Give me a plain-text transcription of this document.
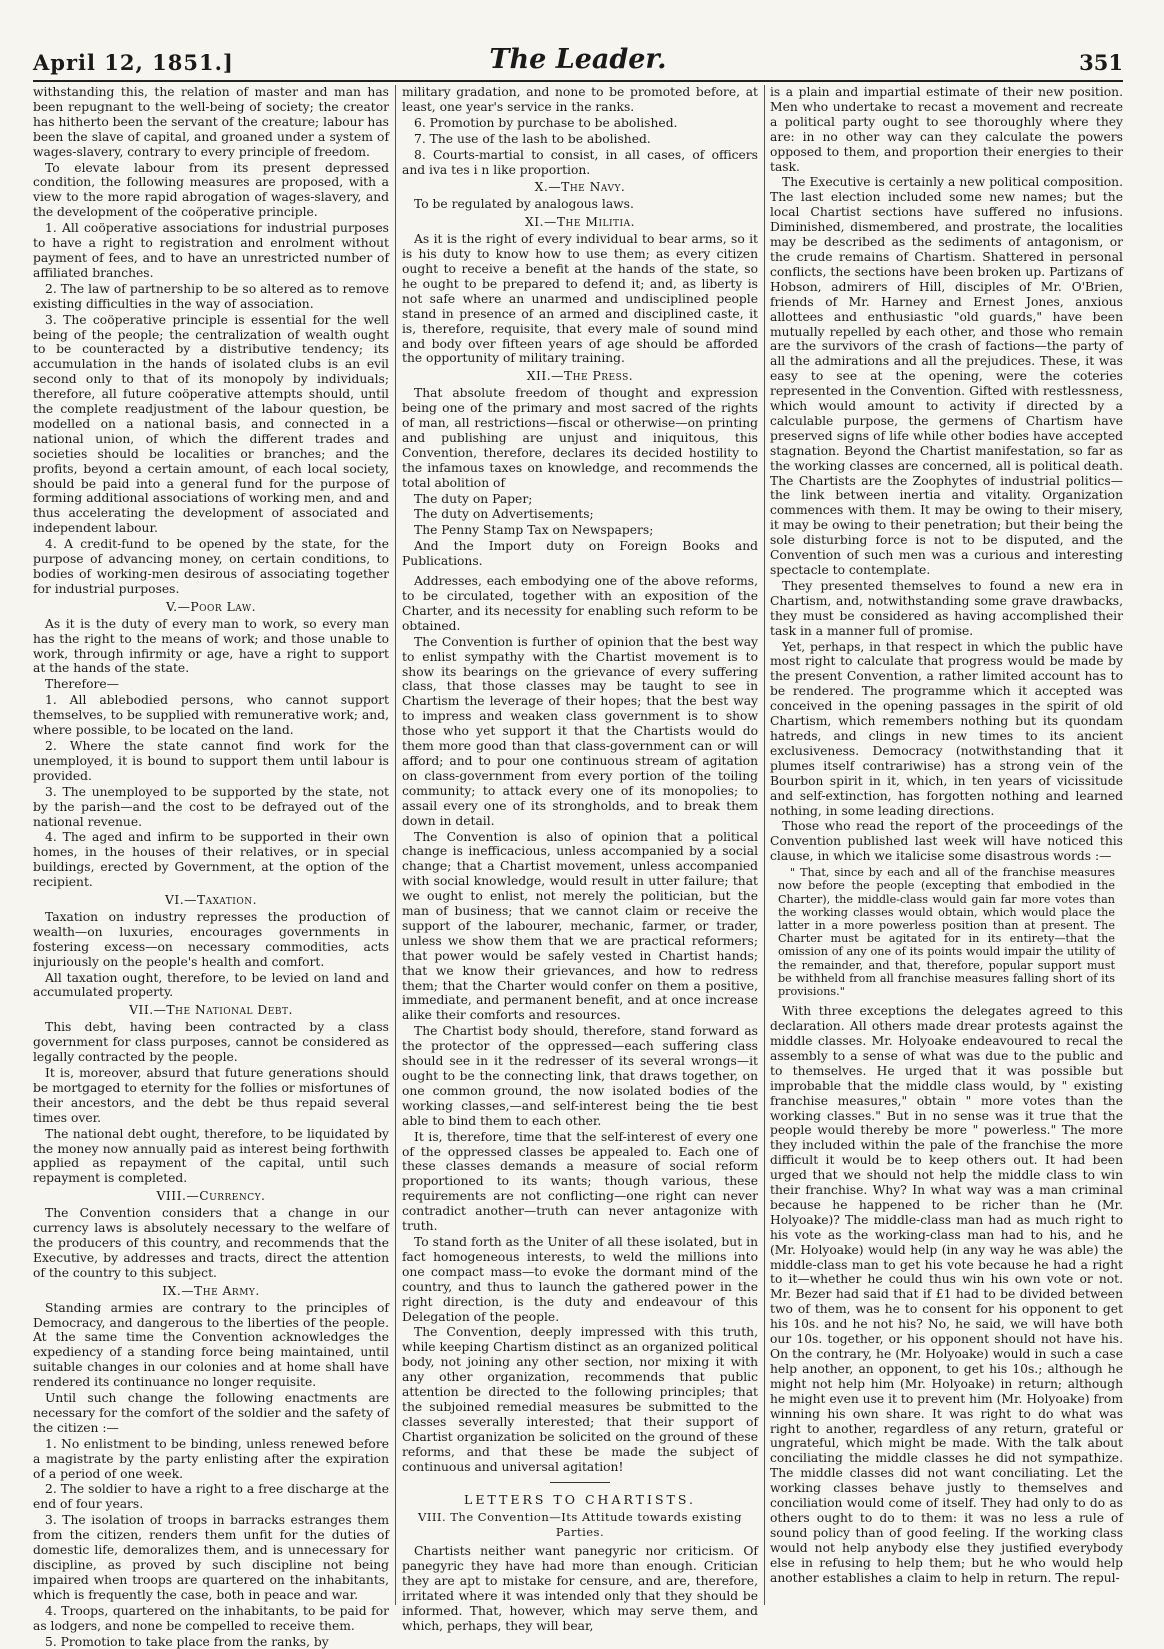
April 12, 1851.]	The Leader.	351

withstanding this, the relation of master and man has been repugnant to the well-being of society; the creator has hitherto been the servant of the creature; labour has been the slave of capital, and groaned under a system of wages-slavery, contrary to every principle of freedom.

To elevate labour from its present depressed condition, the following measures are proposed, with a view to the more rapid abrogation of wages-slavery, and the development of the coöperative principle.

1. All coöperative associations for industrial purposes to have a right to registration and enrolment without payment of fees, and to have an unrestricted number of affiliated branches.

2. The law of partnership to be so altered as to remove existing difficulties in the way of association.

3. The coöperative principle is essential for the well being of the people; the centralization of wealth ought to be counteracted by a distributive tendency; its accumulation in the hands of isolated clubs is an evil second only to that of its monopoly by individuals; therefore, all future coöperative attempts should, until the complete readjustment of the labour question, be modelled on a national basis, and connected in a national union, of which the different trades and societies should be localities or branches; and the profits, beyond a certain amount, of each local society, should be paid into a general fund for the purpose of forming additional associations of working men, and and thus accelerating the development of associated and independent labour.

4. A credit-fund to be opened by the state, for the purpose of advancing money, on certain conditions, to bodies of working-men desirous of associating together for industrial purposes.

V.—Poor Law.

As it is the duty of every man to work, so every man has the right to the means of work; and those unable to work, through infirmity or age, have a right to support at the hands of the state.

Therefore—

1. All ablebodied persons, who cannot support themselves, to be supplied with remunerative work; and, where possible, to be located on the land.

2. Where the state cannot find work for the unemployed, it is bound to support them until labour is provided.

3. The unemployed to be supported by the state, not by the parish—and the cost to be defrayed out of the national revenue.

4. The aged and infirm to be supported in their own homes, in the houses of their relatives, or in special buildings, erected by Government, at the option of the recipient.

VI.—Taxation.

Taxation on industry represses the production of wealth—on luxuries, encourages governments in fostering excess—on necessary commodities, acts injuriously on the people's health and comfort.

All taxation ought, therefore, to be levied on land and accumulated property.

VII.—The National Debt.

This debt, having been contracted by a class government for class purposes, cannot be considered as legally contracted by the people.

It is, moreover, absurd that future generations should be mortgaged to eternity for the follies or misfortunes of their ancestors, and the debt be thus repaid several times over.

The national debt ought, therefore, to be liquidated by the money now annually paid as interest being forthwith applied as repayment of the capital, until such repayment is completed.

VIII.—Currency.

The Convention considers that a change in our currency laws is absolutely necessary to the welfare of the producers of this country, and recommends that the Executive, by addresses and tracts, direct the attention of the country to this subject.

IX.—The Army.

Standing armies are contrary to the principles of Democracy, and dangerous to the liberties of the people. At the same time the Convention acknowledges the expediency of a standing force being maintained, until suitable changes in our colonies and at home shall have rendered its continuance no longer requisite.

Until such change the following enactments are necessary for the comfort of the soldier and the safety of the citizen :—

1. No enlistment to be binding, unless renewed before a magistrate by the party enlisting after the expiration of a period of one week.

2. The soldier to have a right to a free discharge at the end of four years.

3. The isolation of troops in barracks estranges them from the citizen, renders them unfit for the duties of domestic life, demoralizes them, and is unnecessary for discipline, as proved by such discipline not being impaired when troops are quartered on the inhabitants, which is frequently the case, both in peace and war.

4. Troops, quartered on the inhabitants, to be paid for as lodgers, and none be compelled to receive them.

5. Promotion to take place from the ranks, by

military gradation, and none to be promoted before, at least, one year's service in the ranks.

6. Promotion by purchase to be abolished.

7. The use of the lash to be abolished.

8. Courts-martial to consist, in all cases, of officers and iva tes i n like proportion.

X.—The Navy.

To be regulated by analogous laws.

XI.—The Militia.

As it is the right of every individual to bear arms, so it is his duty to know how to use them; as every citizen ought to receive a benefit at the hands of the state, so he ought to be prepared to defend it; and, as liberty is not safe where an unarmed and undisciplined people stand in presence of an armed and disciplined caste, it is, therefore, requisite, that every male of sound mind and body over fifteen years of age should be afforded the opportunity of military training.

XII.—The Press.

That absolute freedom of thought and expression being one of the primary and most sacred of the rights of man, all restrictions—fiscal or otherwise—on printing and publishing are unjust and iniquitous, this Convention, therefore, declares its decided hostility to the infamous taxes on knowledge, and recommends the total abolition of

The duty on Paper;

The duty on Advertisements;

The Penny Stamp Tax on Newspapers;

And the Import duty on Foreign Books and Publications.

Addresses, each embodying one of the above reforms, to be circulated, together with an exposition of the Charter, and its necessity for enabling such reform to be obtained.

The Convention is further of opinion that the best way to enlist sympathy with the Chartist movement is to show its bearings on the grievance of every suffering class, that those classes may be taught to see in Chartism the leverage of their hopes; that the best way to impress and weaken class government is to show those who yet support it that the Chartists would do them more good than that class-government can or will afford; and to pour one continuous stream of agitation on class-government from every portion of the toiling community; to attack every one of its monopolies; to assail every one of its strongholds, and to break them down in detail.

The Convention is also of opinion that a political change is inefficacious, unless accompanied by a social change; that a Chartist movement, unless accompanied with social knowledge, would result in utter failure; that we ought to enlist, not merely the politician, but the man of business; that we cannot claim or receive the support of the labourer, mechanic, farmer, or trader, unless we show them that we are practical reformers; that power would be safely vested in Chartist hands; that we know their grievances, and how to redress them; that the Charter would confer on them a positive, immediate, and permanent benefit, and at once increase alike their comforts and resources.

The Chartist body should, therefore, stand forward as the protector of the oppressed—each suffering class should see in it the redresser of its several wrongs—it ought to be the connecting link, that draws together, on one common ground, the now isolated bodies of the working classes,—and self-interest being the tie best able to bind them to each other.

It is, therefore, time that the self-interest of every one of the oppressed classes be appealed to. Each one of these classes demands a measure of social reform proportioned to its wants; though various, these requirements are not conflicting—one right can never contradict another—truth can never antagonize with truth.

To stand forth as the Uniter of all these isolated, but in fact homogeneous interests, to weld the millions into one compact mass—to evoke the dormant mind of the country, and thus to launch the gathered power in the right direction, is the duty and endeavour of this Delegation of the people.

The Convention, deeply impressed with this truth, while keeping Chartism distinct as an organized political body, not joining any other section, nor mixing it with any other organization, recommends that public attention be directed to the following principles; that the subjoined remedial measures be submitted to the classes severally interested; that their support of Chartist organization be solicited on the ground of these reforms, and that these be made the subject of continuous and universal agitation!

LETTERS TO CHARTISTS.
VIII. The Convention—Its Attitude towards existing Parties.

Chartists neither want panegyric nor criticism. Of panegyric they have had more than enough. Critician they are apt to mistake for censure, and are, therefore, irritated where it was intended only that they should be informed. That, however, which may serve them, and which, perhaps, they will bear,

is a plain and impartial estimate of their new position. Men who undertake to recast a movement and recreate a political party ought to see thoroughly where they are: in no other way can they calculate the powers opposed to them, and proportion their energies to their task.

The Executive is certainly a new political composition. The last election included some new names; but the local Chartist sections have suffered no infusions. Diminished, dismembered, and prostrate, the localities may be described as the sediments of antagonism, or the crude remains of Chartism. Shattered in personal conflicts, the sections have been broken up. Partizans of Hobson, admirers of Hill, disciples of Mr. O'Brien, friends of Mr. Harney and Ernest Jones, anxious allottees and enthusiastic "old guards," have been mutually repelled by each other, and those who remain are the survivors of the crash of factions—the party of all the admirations and all the prejudices. These, it was easy to see at the opening, were the coteries represented in the Convention. Gifted with restlessness, which would amount to activity if directed by a calculable purpose, the germens of Chartism have preserved signs of life while other bodies have accepted stagnation. Beyond the Chartist manifestation, so far as the working classes are concerned, all is political death. The Chartists are the Zoophytes of industrial politics—the link between inertia and vitality. Organization commences with them. It may be owing to their misery, it may be owing to their penetration; but their being the sole disturbing force is not to be disputed, and the Convention of such men was a curious and interesting spectacle to contemplate.

They presented themselves to found a new era in Chartism, and, notwithstanding some grave drawbacks, they must be considered as having accomplished their task in a manner full of promise.

Yet, perhaps, in that respect in which the public have most right to calculate that progress would be made by the present Convention, a rather limited account has to be rendered. The programme which it accepted was conceived in the opening passages in the spirit of old Chartism, which remembers nothing but its quondam hatreds, and clings in new times to its ancient exclusiveness. Democracy (notwithstanding that it plumes itself contrariwise) has a strong vein of the Bourbon spirit in it, which, in ten years of vicissitude and self-extinction, has forgotten nothing and learned nothing, in some leading directions.

Those who read the report of the proceedings of the Convention published last week will have noticed this clause, in which we italicise some disastrous words :—

" That, since by each and all of the franchise measures now before the people (excepting that embodied in the Charter), the middle-class would gain far more votes than the working classes would obtain, which would place the latter in a more powerless position than at present. The Charter must be agitated for in its entirety—that the omission of any one of its points would impair the utility of the remainder, and that, therefore, popular support must be withheld from all franchise measures falling short of its provisions."

With three exceptions the delegates agreed to this declaration. All others made drear protests against the middle classes. Mr. Holyoake endeavoured to recal the assembly to a sense of what was due to the public and to themselves. He urged that it was possible but improbable that the middle class would, by " existing franchise measures," obtain " more votes than the working classes." But in no sense was it true that the people would thereby be more " powerless." The more they included within the pale of the franchise the more difficult it would be to keep others out. It had been urged that we should not help the middle class to win their franchise. Why? In what way was a man criminal because he happened to be richer than he (Mr. Holyoake)? The middle-class man had as much right to his vote as the working-class man had to his, and he (Mr. Holyoake) would help (in any way he was able) the middle-class man to get his vote because he had a right to it—whether he could thus win his own vote or not. Mr. Bezer had said that if £1 had to be divided between two of them, was he to consent for his opponent to get his 10s. and he not his? No, he said, we will have both our 10s. together, or his opponent should not have his. On the contrary, he (Mr. Holyoake) would in such a case help another, an opponent, to get his 10s.; although he might not help him (Mr. Holyoake) in return; although he might even use it to prevent him (Mr. Holyoake) from winning his own share. It was right to do what was right to another, regardless of any return, grateful or ungrateful, which might be made. With the talk about conciliating the middle classes he did not sympathize. The middle classes did not want conciliating. Let the working classes behave justly to themselves and conciliation would come of itself. They had only to do as others ought to do to them: it was no less a rule of sound policy than of good feeling. If the working class would not help anybody else they justified everybody else in refusing to help them; but he who would help another establishes a claim to help in return. The repul-
